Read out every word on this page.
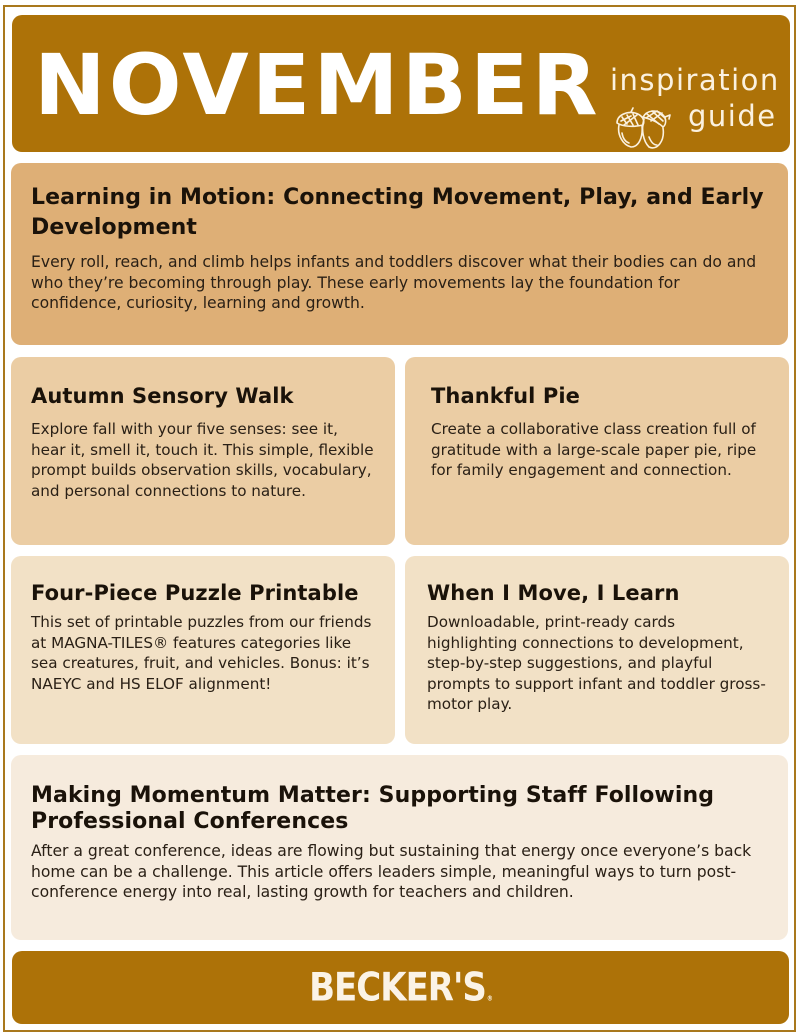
NOVEMBER inspiration
guide
Learning in Motion: Connecting Movement, Play, and Early Development

Every roll, reach, and climb helps infants and toddlers discover what their bodies can do and who they’re becoming through play. These early movements lay the foundation for confidence, curiosity, learning and growth.

Autumn Sensory Walk

Explore fall with your five senses: see it, hear it, smell it, touch it. This simple, flexible prompt builds observation skills, vocabulary, and personal connections to nature.

Thankful Pie

Create a collaborative class creation full of gratitude with a large-scale paper pie, ripe for family engagement and connection.

Four-Piece Puzzle Printable

This set of printable puzzles from our friends at MAGNA-TILES® features categories like sea creatures, fruit, and vehicles. Bonus: it’s NAEYC and HS ELOF alignment!

When I Move, I Learn

Downloadable, print-ready cards highlighting connections to development, step-by-step suggestions, and playful prompts to support infant and toddler gross-motor play.

Making Momentum Matter: Supporting Staff Following Professional Conferences

After a great conference, ideas are flowing but sustaining that energy once everyone’s back home can be a challenge. This article offers leaders simple, meaningful ways to turn post-conference energy into real, lasting growth for teachers and children.

BECKER'S®
